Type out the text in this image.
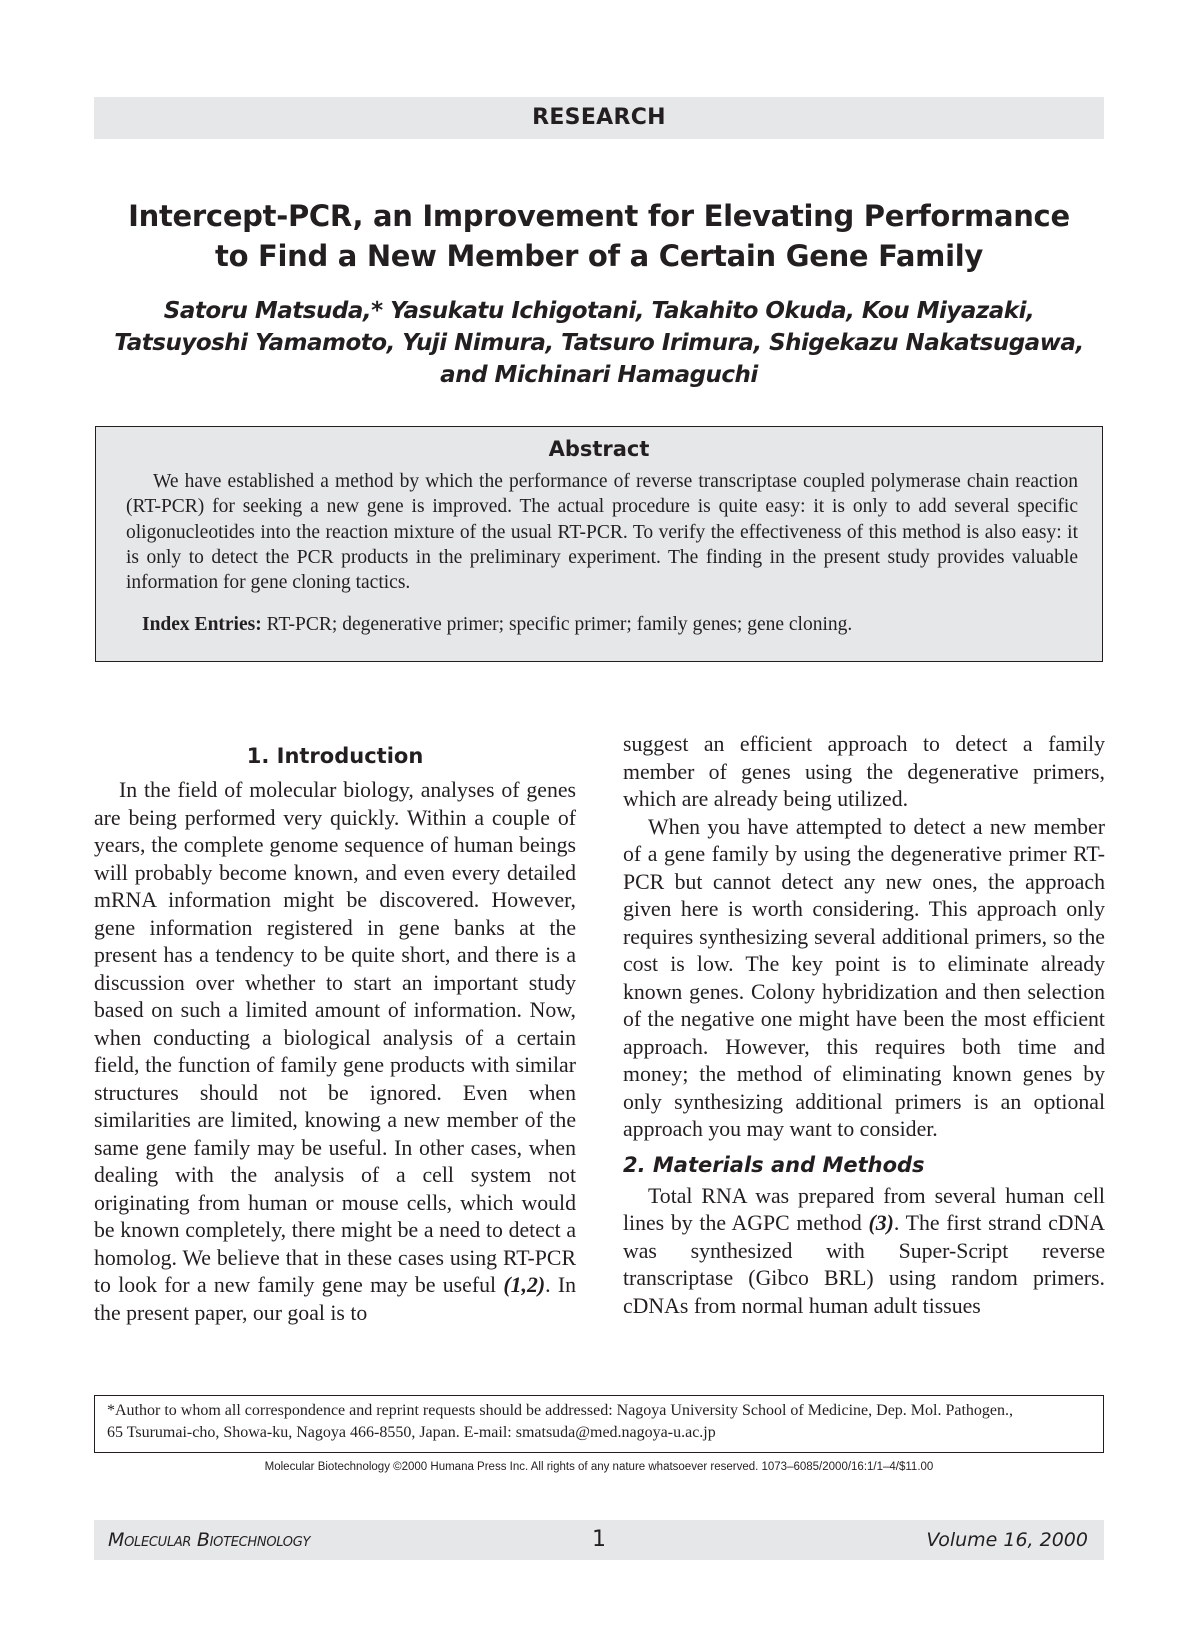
RESEARCH
Intercept-PCR, an Improvement for Elevating Performance
to Find a New Member of a Certain Gene Family
Satoru Matsuda,* Yasukatu Ichigotani, Takahito Okuda, Kou Miyazaki,
Tatsuyoshi Yamamoto, Yuji Nimura, Tatsuro Irimura, Shigekazu Nakatsugawa,
and Michinari Hamaguchi
Abstract
We have established a method by which the performance of reverse transcriptase coupled polymerase chain reaction (RT-PCR) for seeking a new gene is improved. The actual procedure is quite easy: it is only to add several specific oligonucleotides into the reaction mixture of the usual RT-PCR. To verify the effectiveness of this method is also easy: it is only to detect the PCR products in the preliminary experiment. The finding in the present study provides valuable information for gene cloning tactics.
Index Entries: RT-PCR; degenerative primer; specific primer; family genes; gene cloning.
1. Introduction

In the field of molecular biology, analyses of genes are being performed very quickly. Within a couple of years, the complete genome sequence of human beings will probably become known, and even every detailed mRNA information might be discovered. However, gene information registered in gene banks at the present has a tendency to be quite short, and there is a discussion over whether to start an important study based on such a limited amount of information. Now, when conducting a biological analysis of a certain field, the function of family gene products with similar structures should not be ignored. Even when similarities are limited, knowing a new member of the same gene family may be useful. In other cases, when dealing with the analysis of a cell system not originating from human or mouse cells, which would be known completely, there might be a need to detect a homolog. We believe that in these cases using RT-PCR to look for a new family gene may be useful (1,2). In the present paper, our goal is to

suggest an efficient approach to detect a family member of genes using the degenerative primers, which are already being utilized.

When you have attempted to detect a new member of a gene family by using the degenerative primer RT-PCR but cannot detect any new ones, the approach given here is worth considering. This approach only requires synthesizing several additional primers, so the cost is low. The key point is to eliminate already known genes. Colony hybridization and then selection of the negative one might have been the most efficient approach. However, this requires both time and money; the method of eliminating known genes by only synthesizing additional primers is an optional approach you may want to consider.

2. Materials and Methods

Total RNA was prepared from several human cell lines by the AGPC method (3). The first strand cDNA was synthesized with Super-Script reverse transcriptase (Gibco BRL) using random primers. cDNAs from normal human adult tissues

*Author to whom all correspondence and reprint requests should be addressed: Nagoya University School of Medicine, Dep. Mol. Pathogen.,
65 Tsurumai-cho, Showa-ku, Nagoya 466-8550, Japan. E-mail: smatsuda@med.nagoya-u.ac.jp
Molecular Biotechnology ©2000 Humana Press Inc. All rights of any nature whatsoever reserved. 1073–6085/2000/16:1/1–4/$11.00
Molecular Biotechnology	1	Volume 16, 2000
